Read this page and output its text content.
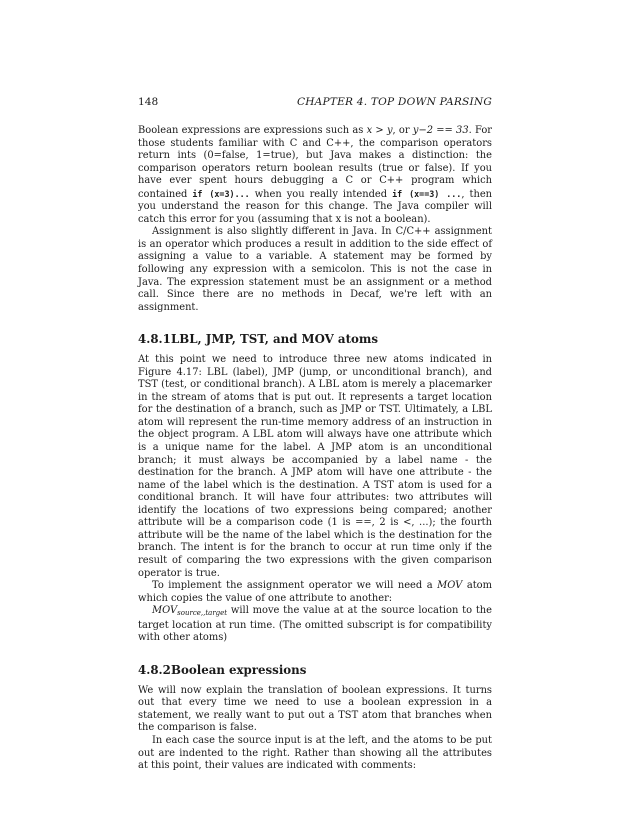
148	CHAPTER 4. TOP DOWN PARSING

Boolean expressions are expressions such as x > y, or y−2 == 33. For those students familiar with C and C++, the comparison operators return ints (0=false, 1=true), but Java makes a distinction: the comparison operators return boolean results (true or false). If you have ever spent hours debugging a C or C++ program which contained if (x=3)... when you really intended if (x==3) ..., then you understand the reason for this change. The Java compiler will catch this error for you (assuming that x is not a boolean).

Assignment is also slightly different in Java. In C/C++ assignment is an operator which produces a result in addition to the side effect of assigning a value to a variable. A statement may be formed by following any expression with a semicolon. This is not the case in Java. The expression statement must be an assignment or a method call. Since there are no methods in Decaf, we're left with an assignment.

4.8.1 LBL, JMP, TST, and MOV atoms

At this point we need to introduce three new atoms indicated in Figure 4.17: LBL (label), JMP (jump, or unconditional branch), and TST (test, or conditional branch). A LBL atom is merely a placemarker in the stream of atoms that is put out. It represents a target location for the destination of a branch, such as JMP or TST. Ultimately, a LBL atom will represent the run-time memory address of an instruction in the object program. A LBL atom will always have one attribute which is a unique name for the label. A JMP atom is an unconditional branch; it must always be accompanied by a label name - the destination for the branch. A JMP atom will have one attribute - the name of the label which is the destination. A TST atom is used for a conditional branch. It will have four attributes: two attributes will identify the locations of two expressions being compared; another attribute will be a comparison code (1 is ==, 2 is <, ...); the fourth attribute will be the name of the label which is the destination for the branch. The intent is for the branch to occur at run time only if the result of comparing the two expressions with the given comparison operator is true.

To implement the assignment operator we will need a MOV atom which copies the value of one attribute to another:

$MOV_{source,,target}$ will move the value at at the source location to the target location at run time. (The omitted subscript is for compatibility with other atoms)

4.8.2 Boolean expressions

We will now explain the translation of boolean expressions. It turns out that every time we need to use a boolean expression in a statement, we really want to put out a TST atom that branches when the comparison is false.

In each case the source input is at the left, and the atoms to be put out are indented to the right. Rather than showing all the attributes at this point, their values are indicated with comments:
